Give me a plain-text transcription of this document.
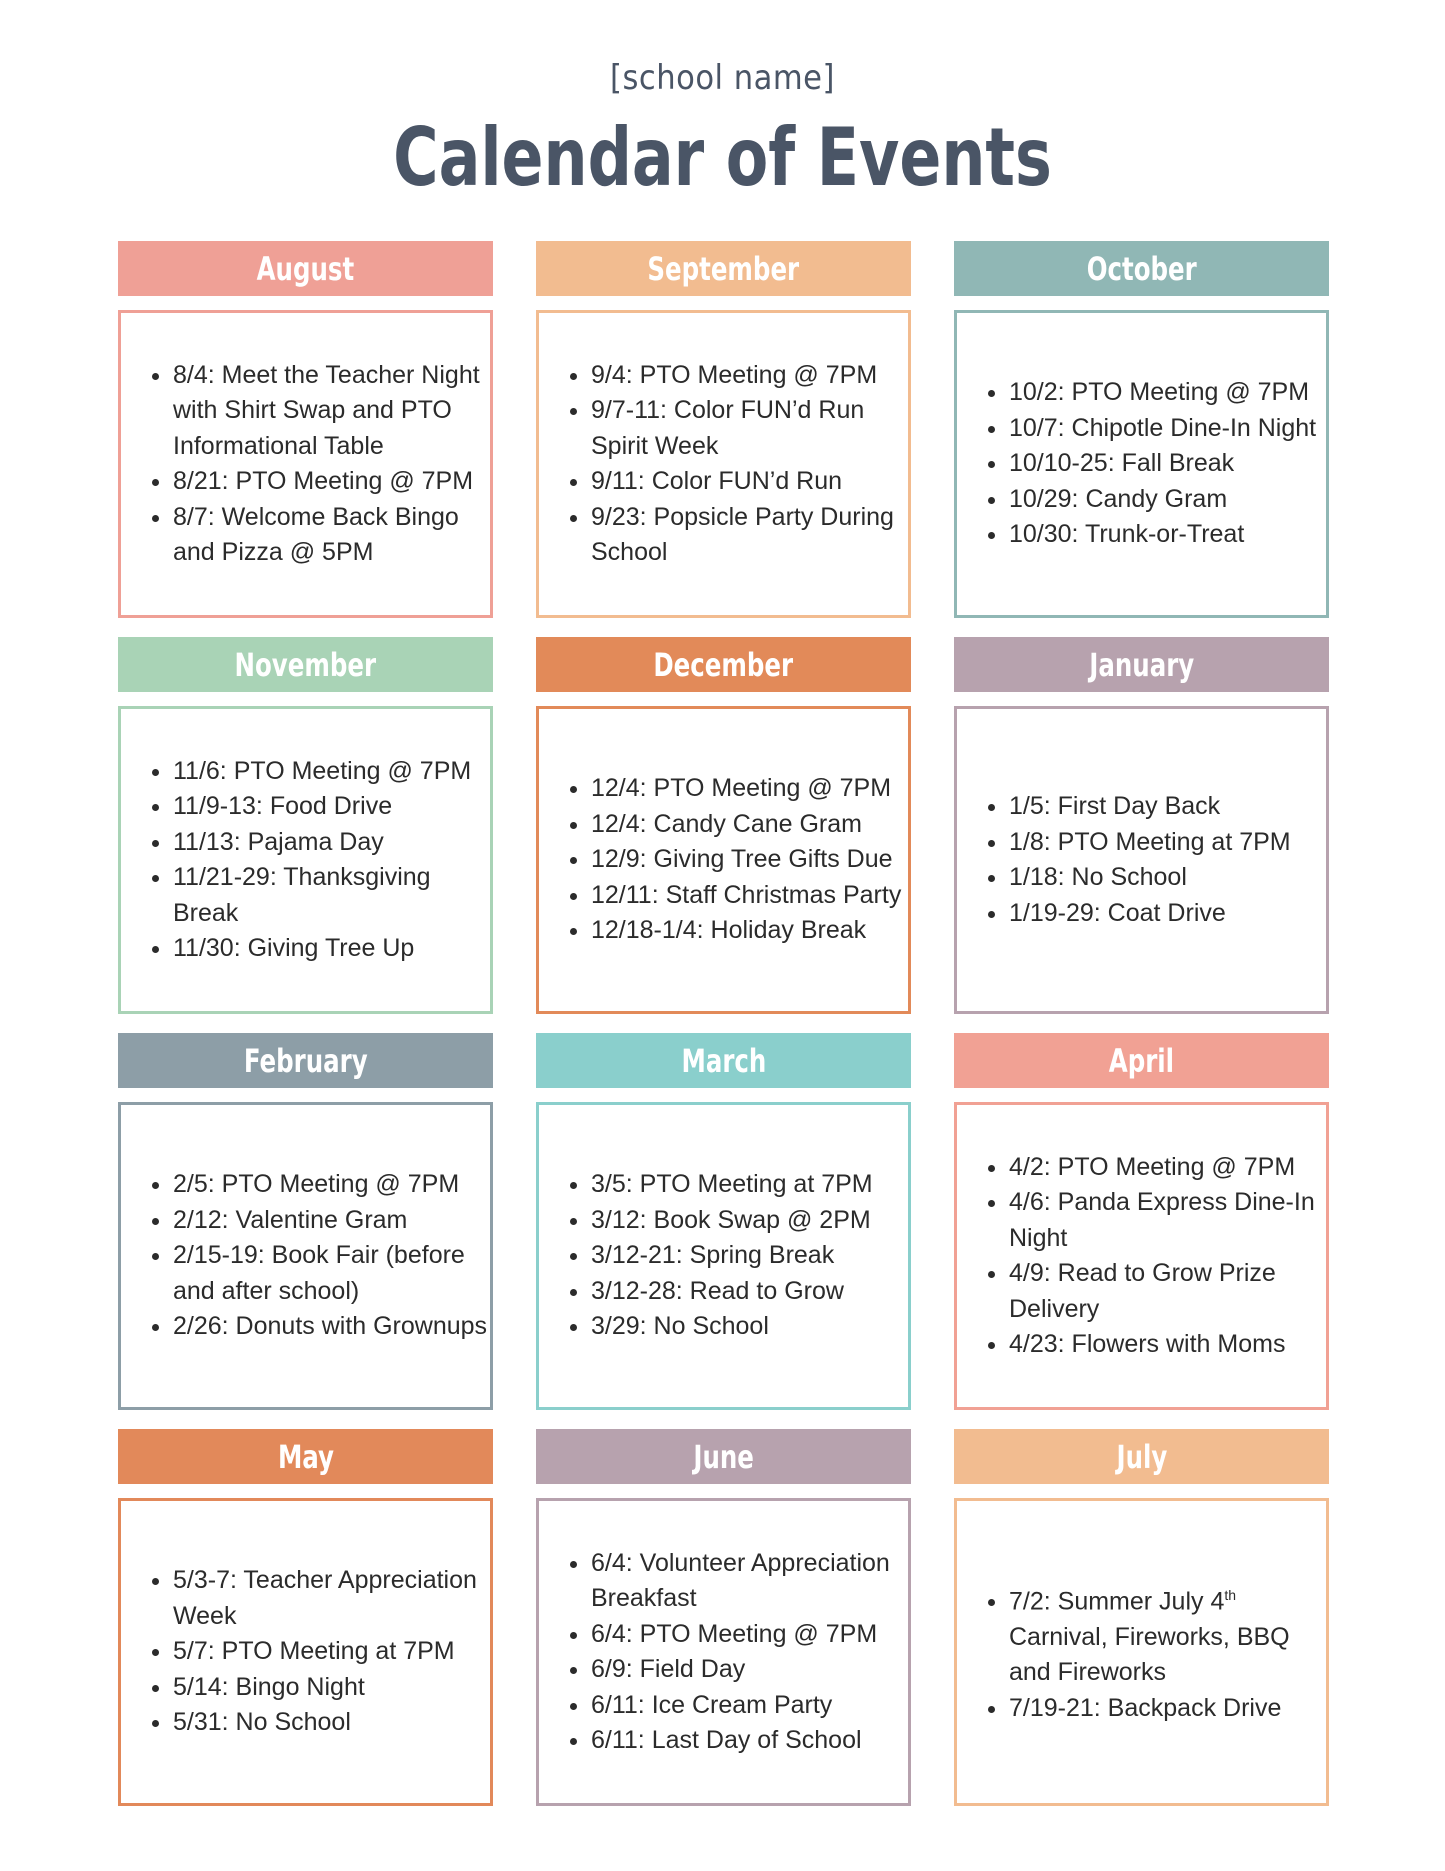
[school name]
Calendar of Events
August
• 8/4: Meet the Teacher Night with Shirt Swap and PTO Informational Table
• 8/21: PTO Meeting @ 7PM
• 8/7: Welcome Back Bingo and Pizza @ 5PM
September
• 9/4: PTO Meeting @ 7PM
• 9/7-11: Color FUN’d Run Spirit Week
• 9/11: Color FUN’d Run
• 9/23: Popsicle Party During School
October
• 10/2: PTO Meeting @ 7PM
• 10/7: Chipotle Dine-In Night
• 10/10-25: Fall Break
• 10/29: Candy Gram
• 10/30: Trunk-or-Treat
November
• 11/6: PTO Meeting @ 7PM
• 11/9-13: Food Drive
• 11/13: Pajama Day
• 11/21-29: Thanksgiving Break
• 11/30: Giving Tree Up
December
• 12/4: PTO Meeting @ 7PM
• 12/4: Candy Cane Gram
• 12/9: Giving Tree Gifts Due
• 12/11: Staff Christmas Party
• 12/18-1/4: Holiday Break
January
• 1/5: First Day Back
• 1/8: PTO Meeting at 7PM
• 1/18: No School
• 1/19-29: Coat Drive
February
• 2/5: PTO Meeting @ 7PM
• 2/12: Valentine Gram
• 2/15-19: Book Fair (before and after school)
• 2/26: Donuts with Grownups
March
• 3/5: PTO Meeting at 7PM
• 3/12: Book Swap @ 2PM
• 3/12-21: Spring Break
• 3/12-28: Read to Grow
• 3/29: No School
April
• 4/2: PTO Meeting @ 7PM
• 4/6: Panda Express Dine-In Night
• 4/9: Read to Grow Prize Delivery
• 4/23: Flowers with Moms
May
• 5/3-7: Teacher Appreciation Week
• 5/7: PTO Meeting at 7PM
• 5/14: Bingo Night
• 5/31: No School
June
• 6/4: Volunteer Appreciation Breakfast
• 6/4: PTO Meeting @ 7PM
• 6/9: Field Day
• 6/11: Ice Cream Party
• 6/11: Last Day of School
July
• 7/2: Summer July 4th Carnival, Fireworks, BBQ and Fireworks
• 7/19-21: Backpack Drive
